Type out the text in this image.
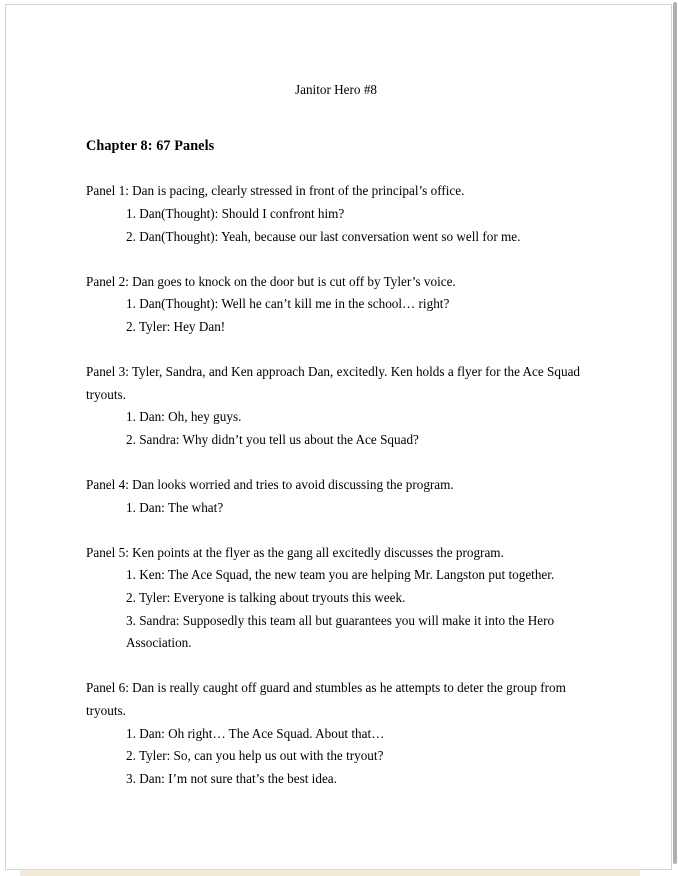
Janitor Hero #8

Chapter 8: 67 Panels

Panel 1: Dan is pacing, clearly stressed in front of the principal’s office.

1. Dan(Thought): Should I confront him?

2. Dan(Thought): Yeah, because our last conversation went so well for me.

Panel 2: Dan goes to knock on the door but is cut off by Tyler’s voice.

1. Dan(Thought): Well he can’t kill me in the school… right?

2. Tyler: Hey Dan!

Panel 3: Tyler, Sandra, and Ken approach Dan, excitedly. Ken holds a flyer for the Ace Squad tryouts.

1. Dan: Oh, hey guys.

2. Sandra: Why didn’t you tell us about the Ace Squad?

Panel 4: Dan looks worried and tries to avoid discussing the program.

1. Dan: The what?

Panel 5: Ken points at the flyer as the gang all excitedly discusses the program.

1. Ken: The Ace Squad, the new team you are helping Mr. Langston put together.

2. Tyler: Everyone is talking about tryouts this week.

3. Sandra: Supposedly this team all but guarantees you will make it into the Hero Association.

Panel 6: Dan is really caught off guard and stumbles as he attempts to deter the group from tryouts.

1. Dan: Oh right… The Ace Squad. About that…

2. Tyler: So, can you help us out with the tryout?

3. Dan: I’m not sure that’s the best idea.
